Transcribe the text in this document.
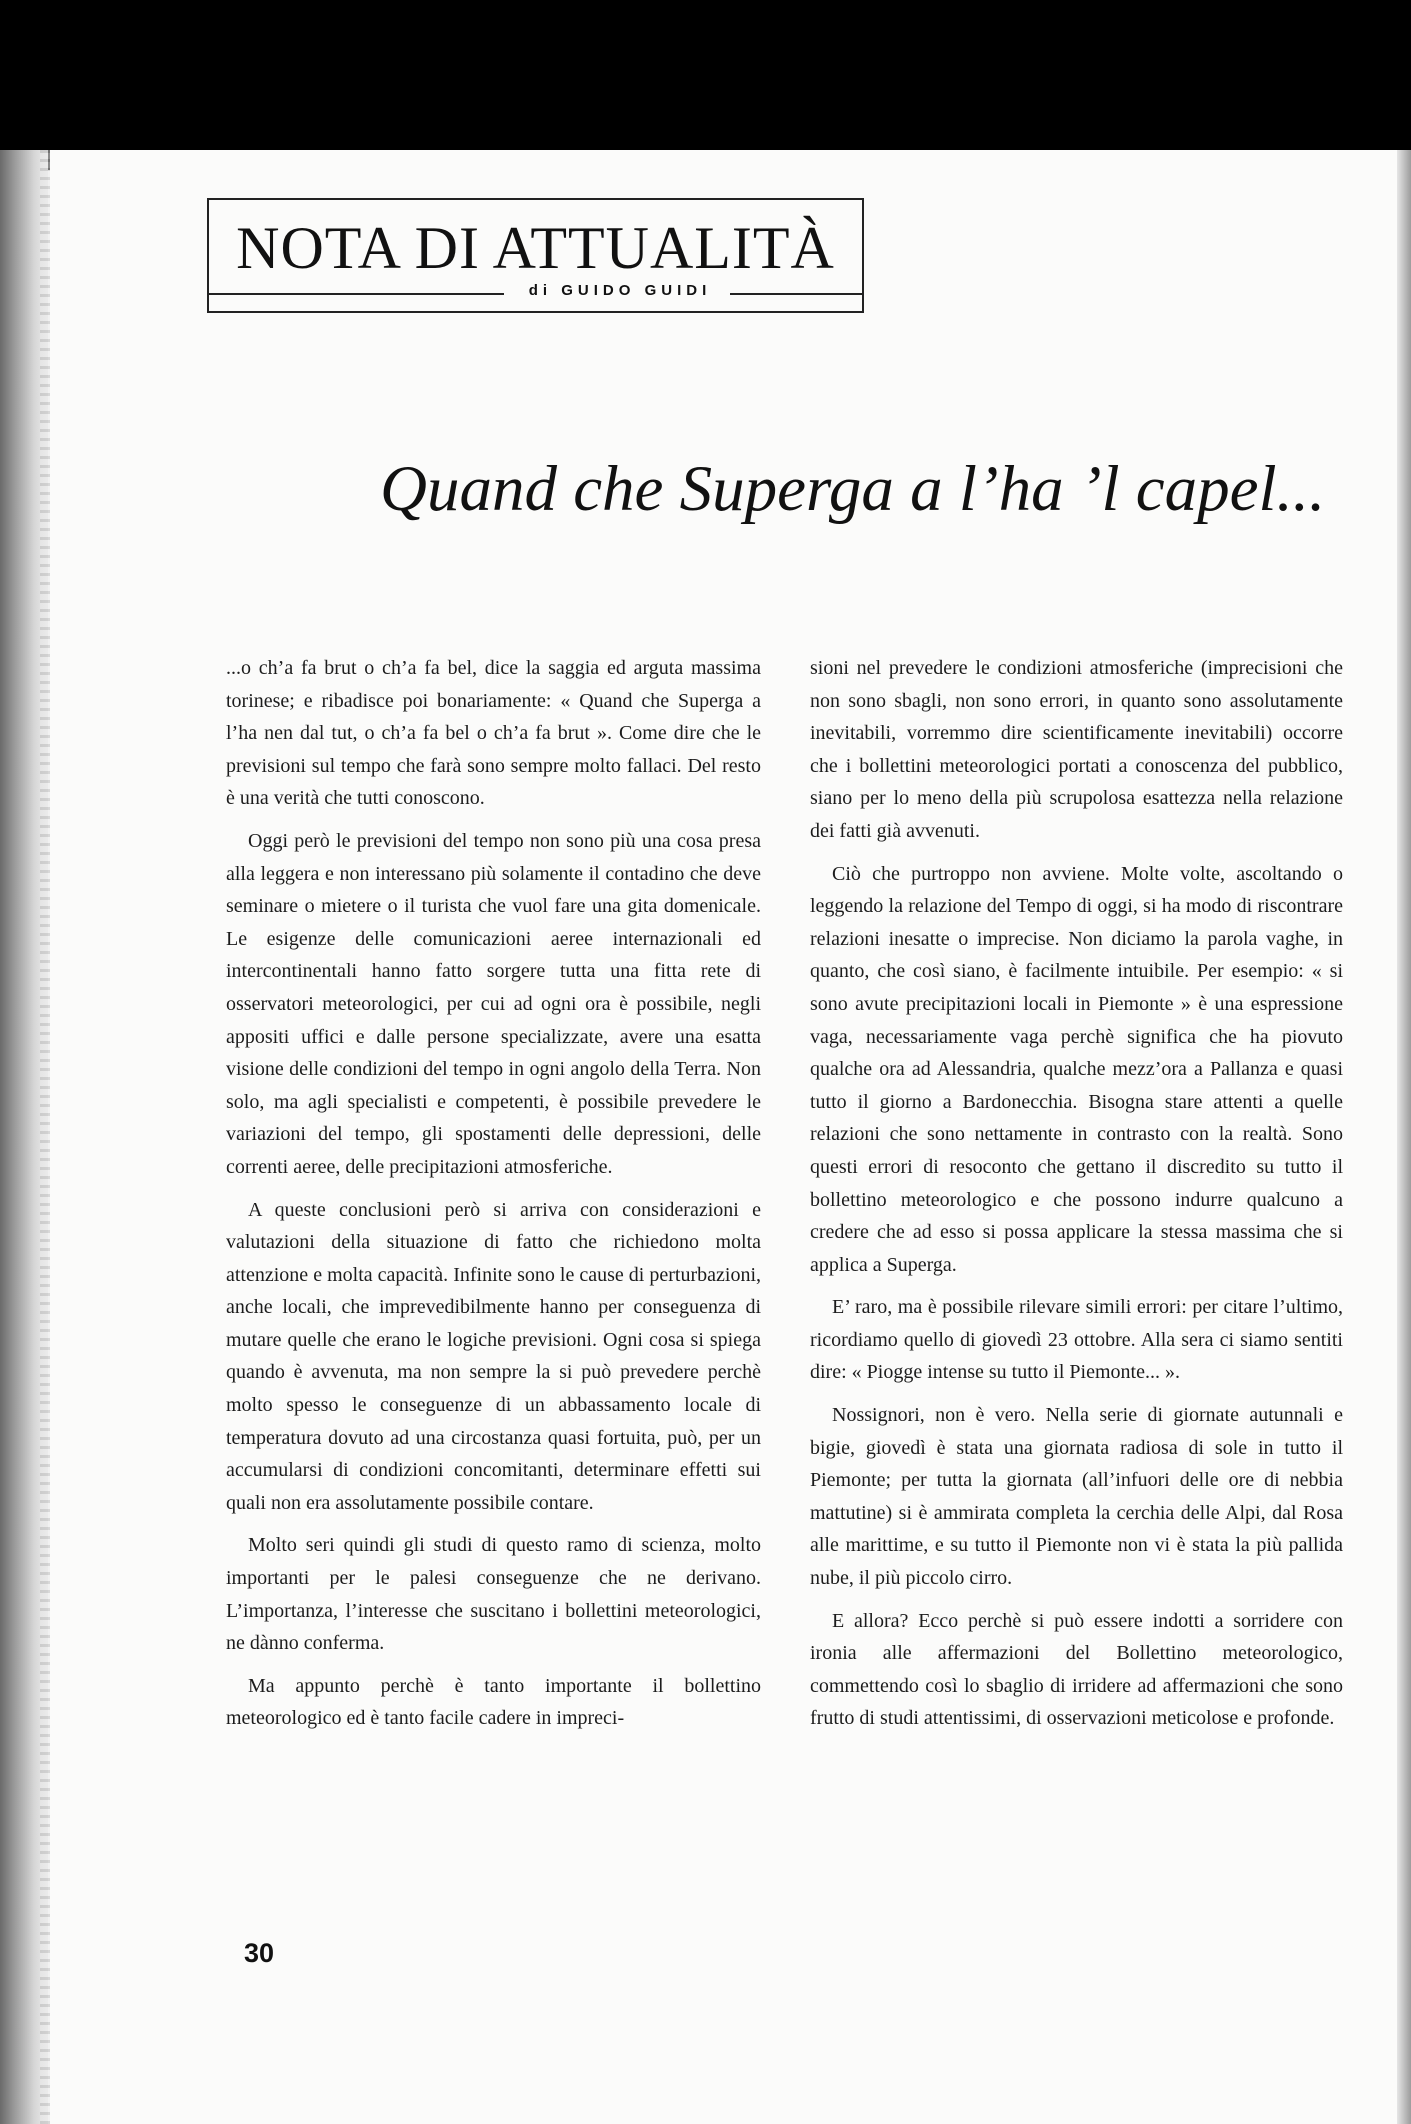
NOTA DI ATTUALITÀ
di GUIDO GUIDI
Quand che Superga a l’ha ’l capel...

...o ch’a fa brut o ch’a fa bel, dice la saggia ed arguta massima torinese; e ribadisce poi bonariamente: « Quand che Superga a l’ha nen dal tut, o ch’a fa bel o ch’a fa brut ». Come dire che le previsioni sul tempo che farà sono sempre molto fallaci. Del resto è una verità che tutti conoscono.

Oggi però le previsioni del tempo non sono più una cosa presa alla leggera e non interessano più solamente il contadino che deve seminare o mietere o il turista che vuol fare una gita domenicale. Le esigenze delle comunicazioni aeree internazionali ed intercontinentali hanno fatto sorgere tutta una fitta rete di osservatori meteorologici, per cui ad ogni ora è possibile, negli appositi uffici e dalle persone specializzate, avere una esatta visione delle condizioni del tempo in ogni angolo della Terra. Non solo, ma agli specialisti e competenti, è possibile prevedere le variazioni del tempo, gli spostamenti delle depressioni, delle correnti aeree, delle precipitazioni atmosferiche.

A queste conclusioni però si arriva con considerazioni e valutazioni della situazione di fatto che richiedono molta attenzione e molta capacità. Infinite sono le cause di perturbazioni, anche locali, che imprevedibilmente hanno per conseguenza di mutare quelle che erano le logiche previsioni. Ogni cosa si spiega quando è avvenuta, ma non sempre la si può prevedere perchè molto spesso le conseguenze di un abbassamento locale di temperatura dovuto ad una circostanza quasi fortuita, può, per un accumularsi di condizioni concomitanti, determinare effetti sui quali non era assolutamente possibile contare.

Molto seri quindi gli studi di questo ramo di scienza, molto importanti per le palesi conseguenze che ne derivano. L’importanza, l’interesse che suscitano i bollettini meteorologici, ne dànno conferma.

Ma appunto perchè è tanto importante il bollettino meteorologico ed è tanto facile cadere in impreci-

sioni nel prevedere le condizioni atmosferiche (imprecisioni che non sono sbagli, non sono errori, in quanto sono assolutamente inevitabili, vorremmo dire scientificamente inevitabili) occorre che i bollettini meteorologici portati a conoscenza del pubblico, siano per lo meno della più scrupolosa esattezza nella relazione dei fatti già avvenuti.

Ciò che purtroppo non avviene. Molte volte, ascoltando o leggendo la relazione del Tempo di oggi, si ha modo di riscontrare relazioni inesatte o imprecise. Non diciamo la parola vaghe, in quanto, che così siano, è facilmente intuibile. Per esempio: « si sono avute precipitazioni locali in Piemonte » è una espressione vaga, necessariamente vaga perchè significa che ha piovuto qualche ora ad Alessandria, qualche mezz’ora a Pallanza e quasi tutto il giorno a Bardonecchia. Bisogna stare attenti a quelle relazioni che sono nettamente in contrasto con la realtà. Sono questi errori di resoconto che gettano il discredito su tutto il bollettino meteorologico e che possono indurre qualcuno a credere che ad esso si possa applicare la stessa massima che si applica a Superga.

E’ raro, ma è possibile rilevare simili errori: per citare l’ultimo, ricordiamo quello di giovedì 23 ottobre. Alla sera ci siamo sentiti dire: « Piogge intense su tutto il Piemonte... ».

Nossignori, non è vero. Nella serie di giornate autunnali e bigie, giovedì è stata una giornata radiosa di sole in tutto il Piemonte; per tutta la giornata (all’infuori delle ore di nebbia mattutine) si è ammirata completa la cerchia delle Alpi, dal Rosa alle marittime, e su tutto il Piemonte non vi è stata la più pallida nube, il più piccolo cirro.

E allora? Ecco perchè si può essere indotti a sorridere con ironia alle affermazioni del Bollettino meteorologico, commettendo così lo sbaglio di irridere ad affermazioni che sono frutto di studi attentissimi, di osservazioni meticolose e profonde.

30
